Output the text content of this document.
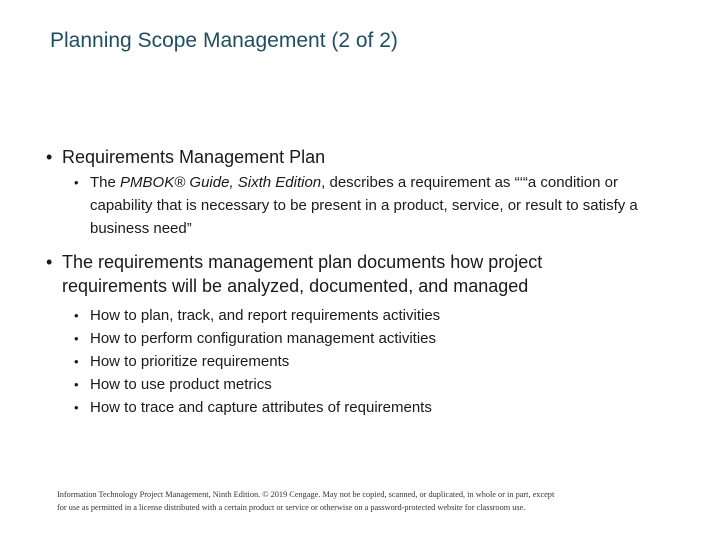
Planning Scope Management (2 of 2)
• Requirements Management Plan
• The PMBOK® Guide, Sixth Edition, describes a requirement as “‘“a condition or capability that is necessary to be present in a product, service, or result to satisfy a business need”
• The requirements management plan documents how project requirements will be analyzed, documented, and managed
• How to plan, track, and report requirements activities
• How to perform configuration management activities
• How to prioritize requirements
• How to use product metrics
• How to trace and capture attributes of requirements
Information Technology Project Management, Ninth Edition. © 2019 Cengage. May not be copied, scanned, or duplicated, in whole or in part, except
for use as permitted in a license distributed with a certain product or service or otherwise on a password-protected website for classroom use.
